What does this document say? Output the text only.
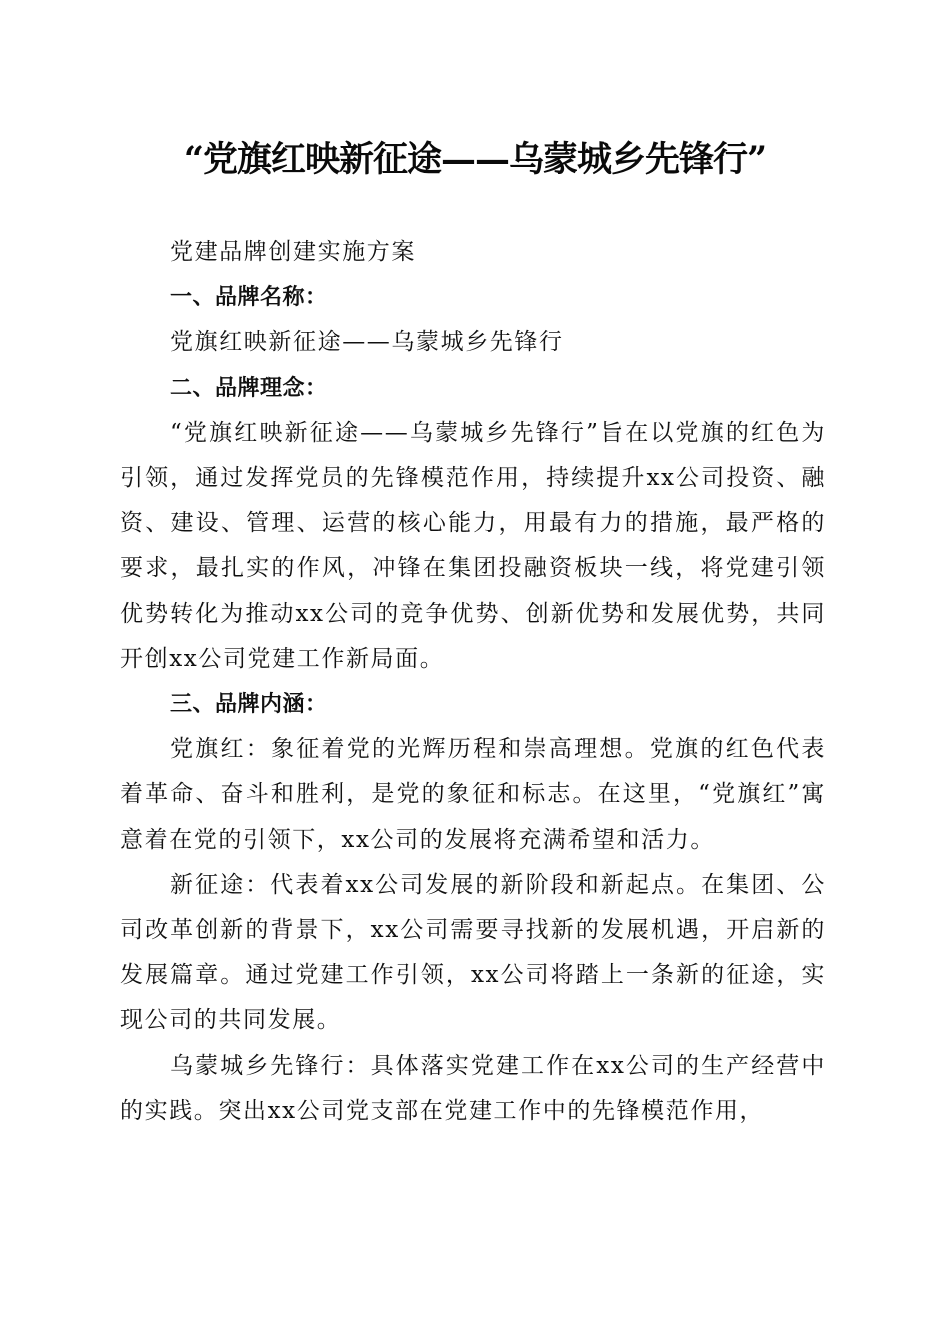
“党旗红映新征途——乌蒙城乡先锋行”

党建品牌创建实施方案

一、品牌名称：

党旗红映新征途——乌蒙城乡先锋行

二、品牌理念：

“党旗红映新征途——乌蒙城乡先锋行”旨在以党旗的红色为引领，通过发挥党员的先锋模范作用，持续提升xx公司投资、融资、建设、管理、运营的核心能力，用最有力的措施，最严格的要求，最扎实的作风，冲锋在集团投融资板块一线，将党建引领优势转化为推动xx公司的竞争优势、创新优势和发展优势，共同开创xx公司党建工作新局面。

三、品牌内涵：

党旗红：象征着党的光辉历程和崇高理想。党旗的红色代表着革命、奋斗和胜利，是党的象征和标志。在这里，“党旗红”寓意着在党的引领下，xx公司的发展将充满希望和活力。

新征途：代表着xx公司发展的新阶段和新起点。在集团、公司改革创新的背景下，xx公司需要寻找新的发展机遇，开启新的发展篇章。通过党建工作引领，xx公司将踏上一条新的征途，实现公司的共同发展。

乌蒙城乡先锋行：具体落实党建工作在xx公司的生产经营中的实践。突出xx公司党支部在党建工作中的先锋模范作用，
